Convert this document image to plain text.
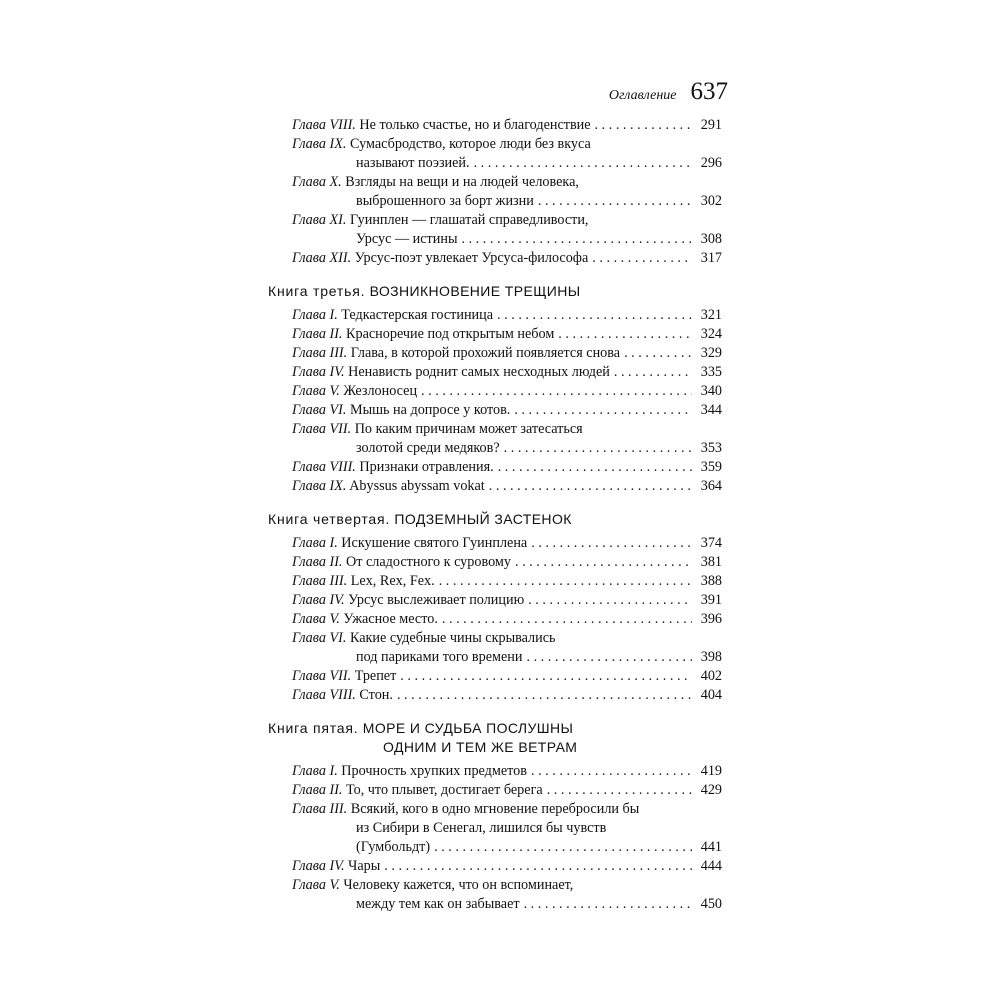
Оглавление 637
Глава VIII. Не только счастье, но и благоденствие . . .	291
Глава IX. Сумасбродство, которое люди без вкуса
называют поэзией. . . .	296
Глава X. Взгляды на вещи и на людей человека,
выброшенного за борт жизни . . .	302
Глава XI. Гуинплен — глашатай справедливости,
Урсус — истины . . .	308
Глава XII. Урсус-поэт увлекает Урсуса-философа . . .	317
Книга третья. ВОЗНИКНОВЕНИЕ ТРЕЩИНЫ
Глава I. Тедкастерская гостиница . . .	321
Глава II. Красноречие под открытым небом . . .	324
Глава III. Глава, в которой прохожий появляется снова . . .	329
Глава IV. Ненависть роднит самых несходных людей . . .	335
Глава V. Жезлоносец . . .	340
Глава VI. Мышь на допросе у котов. . . .	344
Глава VII. По каким причинам может затесаться
золотой среди медяков? . . .	353
Глава VIII. Признаки отравления. . . .	359
Глава IX. Abyssus abyssam vokat . . .	364
Книга четвертая. ПОДЗЕМНЫЙ ЗАСТЕНОК
Глава I. Искушение святого Гуинплена . . .	374
Глава II. От сладостного к суровому . . .	381
Глава III. Lex, Rex, Fex. . . .	388
Глава IV. Урсус выслеживает полицию . . .	391
Глава V. Ужасное место. . . .	396
Глава VI. Какие судебные чины скрывались
под париками того времени . . .	398
Глава VII. Трепет . . .	402
Глава VIII. Стон. . . .	404
Книга пятая. МОРЕ И СУДЬБА ПОСЛУШНЫ
ОДНИМ И ТЕМ ЖЕ ВЕТРАМ
Глава I. Прочность хрупких предметов . . .	419
Глава II. То, что плывет, достигает берега . . .	429
Глава III. Всякий, кого в одно мгновение перебросили бы
из Сибири в Сенегал, лишился бы чувств
(Гумбольдт) . . .	441
Глава IV. Чары . . .	444
Глава V. Человеку кажется, что он вспоминает,
между тем как он забывает . . .	450
